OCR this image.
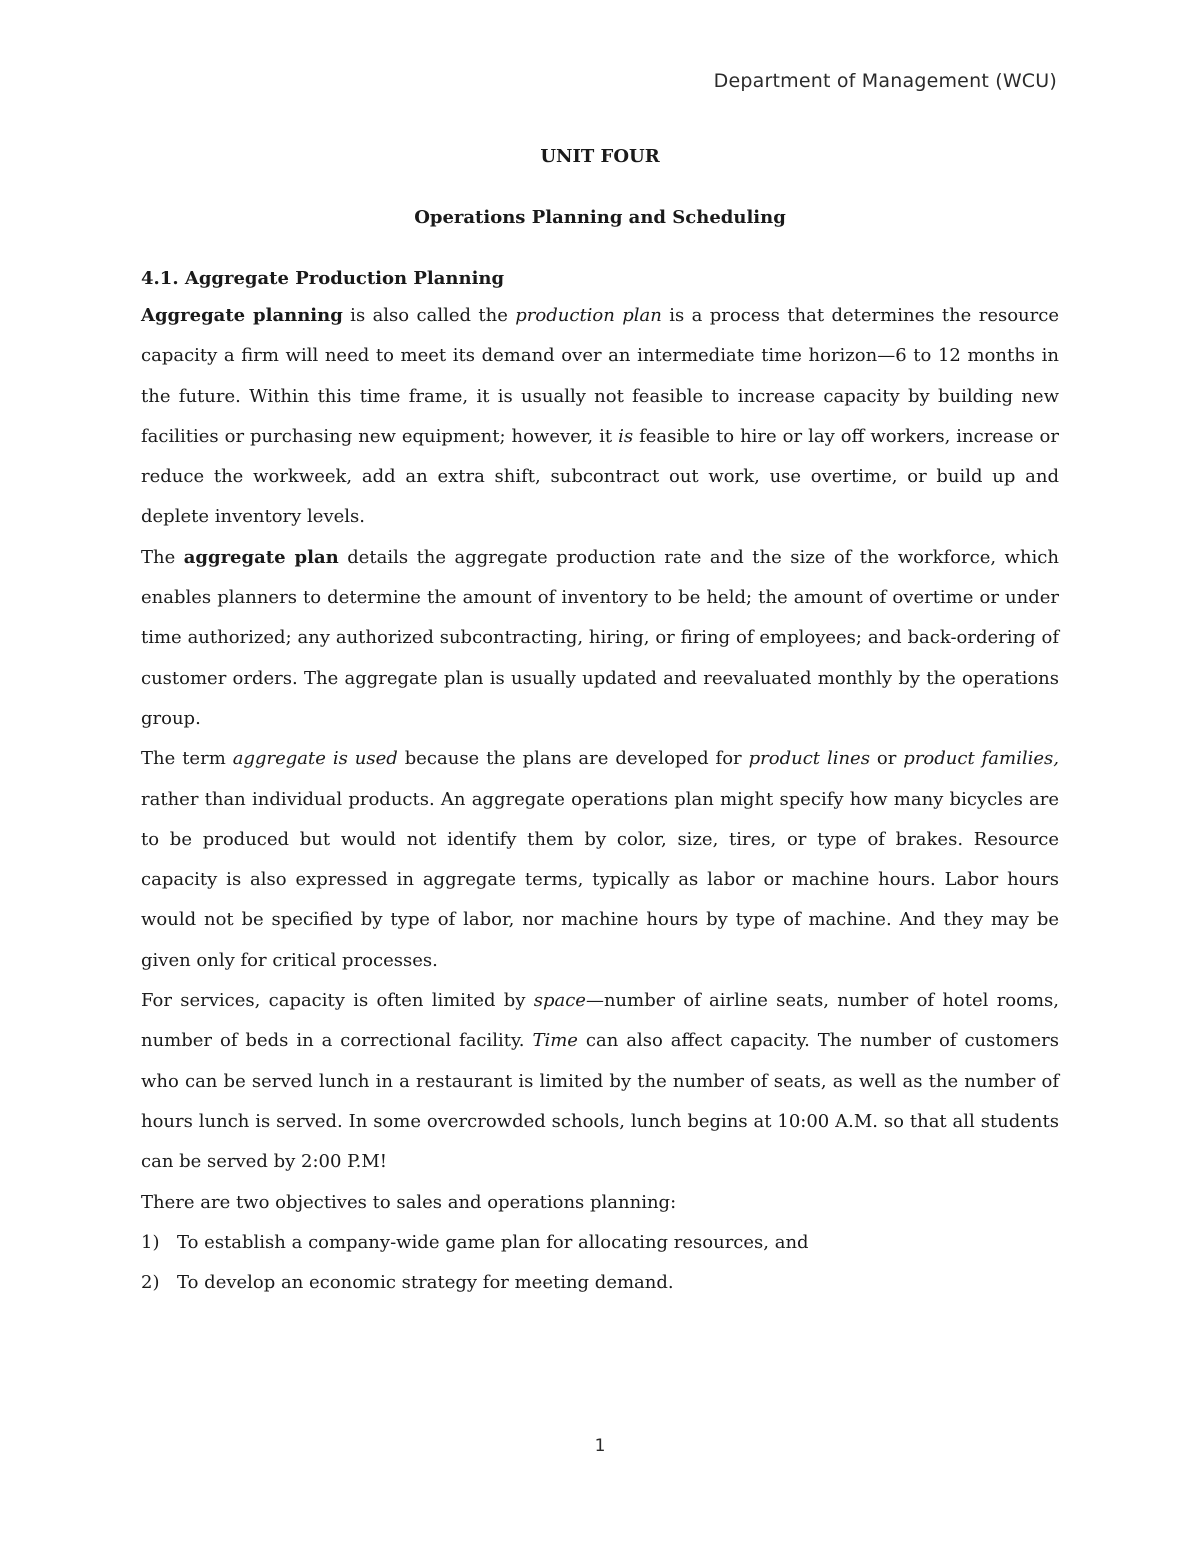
Department of Management (WCU)

UNIT FOUR

Operations Planning and Scheduling

4.1. Aggregate Production Planning

Aggregate planning is also called the production plan is a process that determines the resource capacity a firm will need to meet its demand over an intermediate time horizon—6 to 12 months in the future. Within this time frame, it is usually not feasible to increase capacity by building new facilities or purchasing new equipment; however, it is feasible to hire or lay off workers, increase or reduce the workweek, add an extra shift, subcontract out work, use overtime, or build up and deplete inventory levels.

The aggregate plan details the aggregate production rate and the size of the workforce, which enables planners to determine the amount of inventory to be held; the amount of overtime or under time authorized; any authorized subcontracting, hiring, or firing of employees; and back-ordering of customer orders. The aggregate plan is usually updated and reevaluated monthly by the operations group.

The term aggregate is used because the plans are developed for product lines or product families, rather than individual products. An aggregate operations plan might specify how many bicycles are to be produced but would not identify them by color, size, tires, or type of brakes. Resource capacity is also expressed in aggregate terms, typically as labor or machine hours. Labor hours would not be specified by type of labor, nor machine hours by type of machine. And they may be given only for critical processes.

For services, capacity is often limited by space—number of airline seats, number of hotel rooms, number of beds in a correctional facility. Time can also affect capacity. The number of customers who can be served lunch in a restaurant is limited by the number of seats, as well as the number of hours lunch is served. In some overcrowded schools, lunch begins at 10:00 A.M. so that all students can be served by 2:00 P.M!

There are two objectives to sales and operations planning:

1) To establish a company-wide game plan for allocating resources, and
2) To develop an economic strategy for meeting demand.
1
